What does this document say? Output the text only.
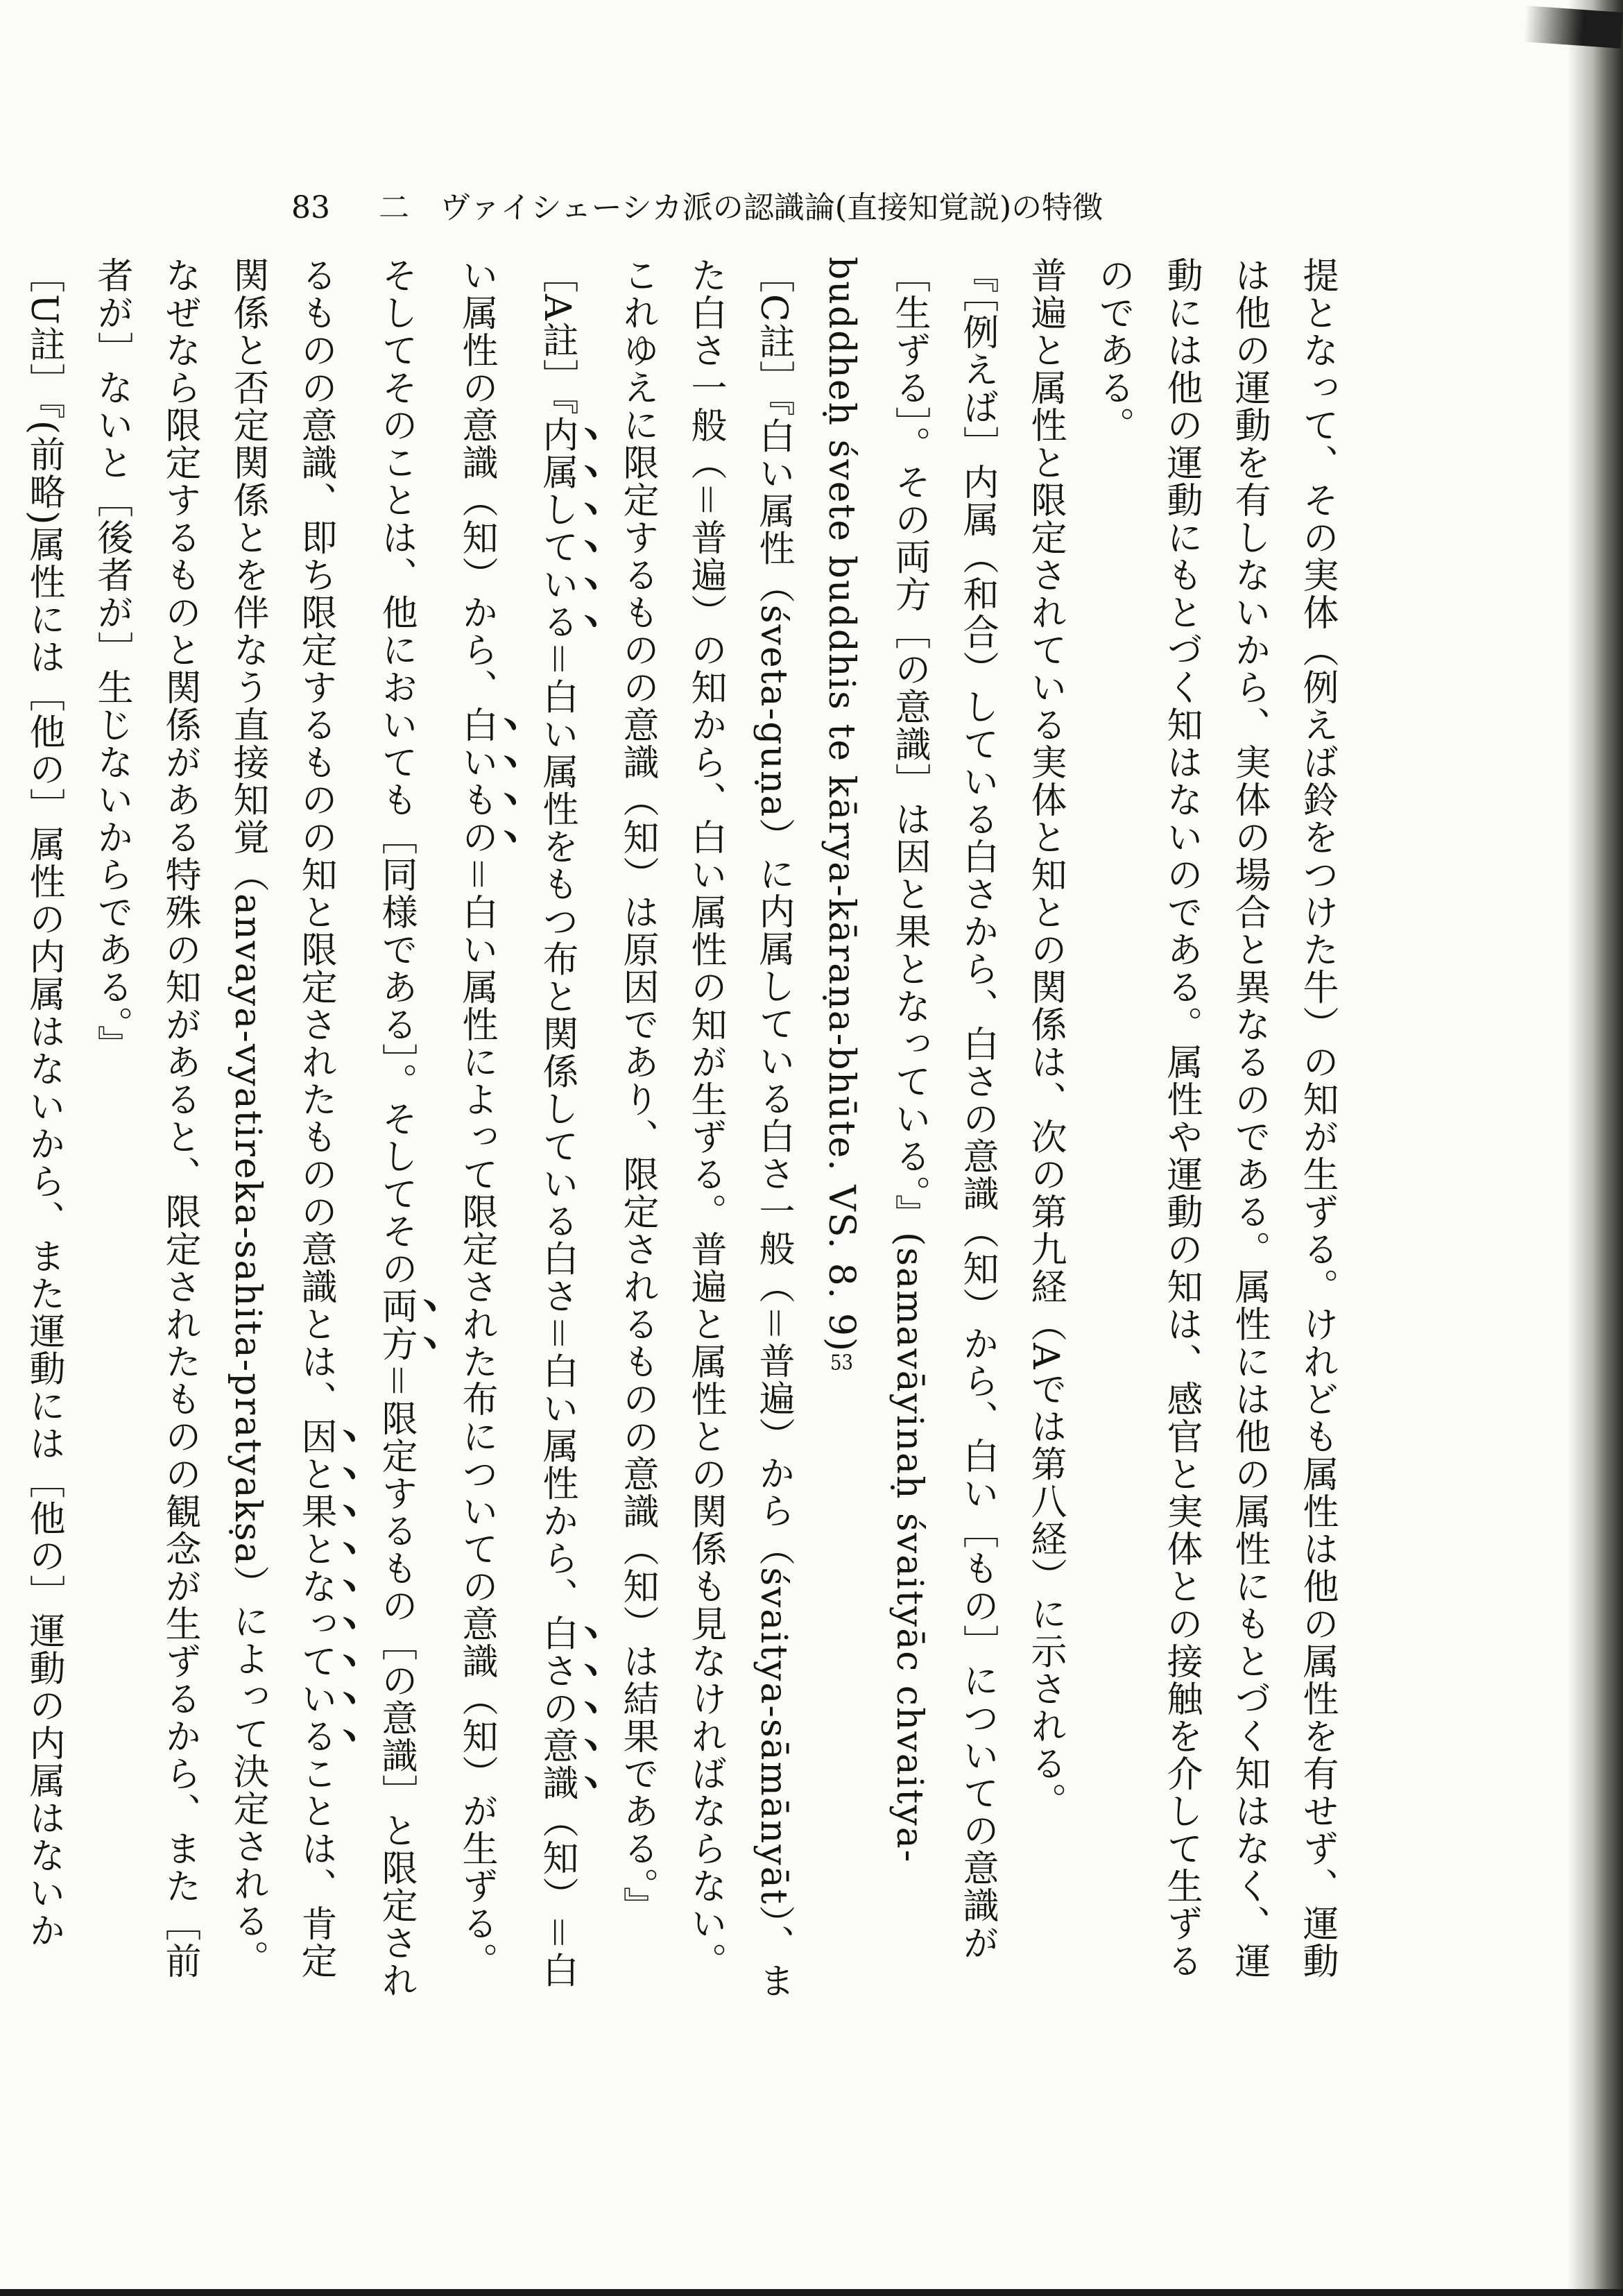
83 二　ヴァイシェーシカ派の認識論(直接知覚説)の特徴

提となって、その実体（例えば鈴をつけた牛）の知が生ずる。けれども属性は他の属性を有せず、運動は他の運動を有しないから、実体の場合と異なるのである。属性には他の属性にもとづく知はなく、運動には他の運動にもとづく知はないのである。属性や運動の知は、感官と実体との接触を介して生ずるのである。

普遍と属性と限定されている実体と知との関係は、次の第九経（Aでは第八経）に示される。

『［例えば］内属（和合）している白さから、白さの意識（知）から、白い［もの］についての意識が［生ずる］。その両方［の意識］は因と果となっている。』(samavāyinaḥ śvaityāc chvaitya-buddheḥ śvete buddhis te kārya-kāraṇa-bhūte. VS. 8. 9)53

［C註］『白い属性（śveta-guṇa）に内属している白さ一般（＝普遍）から（śvaitya-sāmānyāt）、また白さ一般（＝普遍）の知から、白い属性の知が生ずる。普遍と属性との関係も見なければならない。これゆえに限定するものの意識（知）は原因であり、限定されるものの意識（知）は結果である。』

［A註］『内属している＝白い属性をもつ布と関係している白さ＝白い属性から、白さの意識（知）＝白い属性の意識（知）から、白いもの＝白い属性によって限定された布についての意識（知）が生ずる。そしてそのことは、他においても［同様である］。そしてその両方＝限定するもの［の意識］と限定されるものの意識、即ち限定するものの知と限定されたものの意識とは、因と果となっていることは、肯定関係と否定関係とを伴なう直接知覚（anvaya-vyatireka-sahita-pratyakṣa）によって決定される。なぜなら限定するものと関係がある特殊の知があると、限定されたものの観念が生ずるから、また［前者が］ないと［後者が］生じないからである。』

［U註］『(前略)属性には［他の］属性の内属はないから、また運動には［他の］運動の内属はないか
